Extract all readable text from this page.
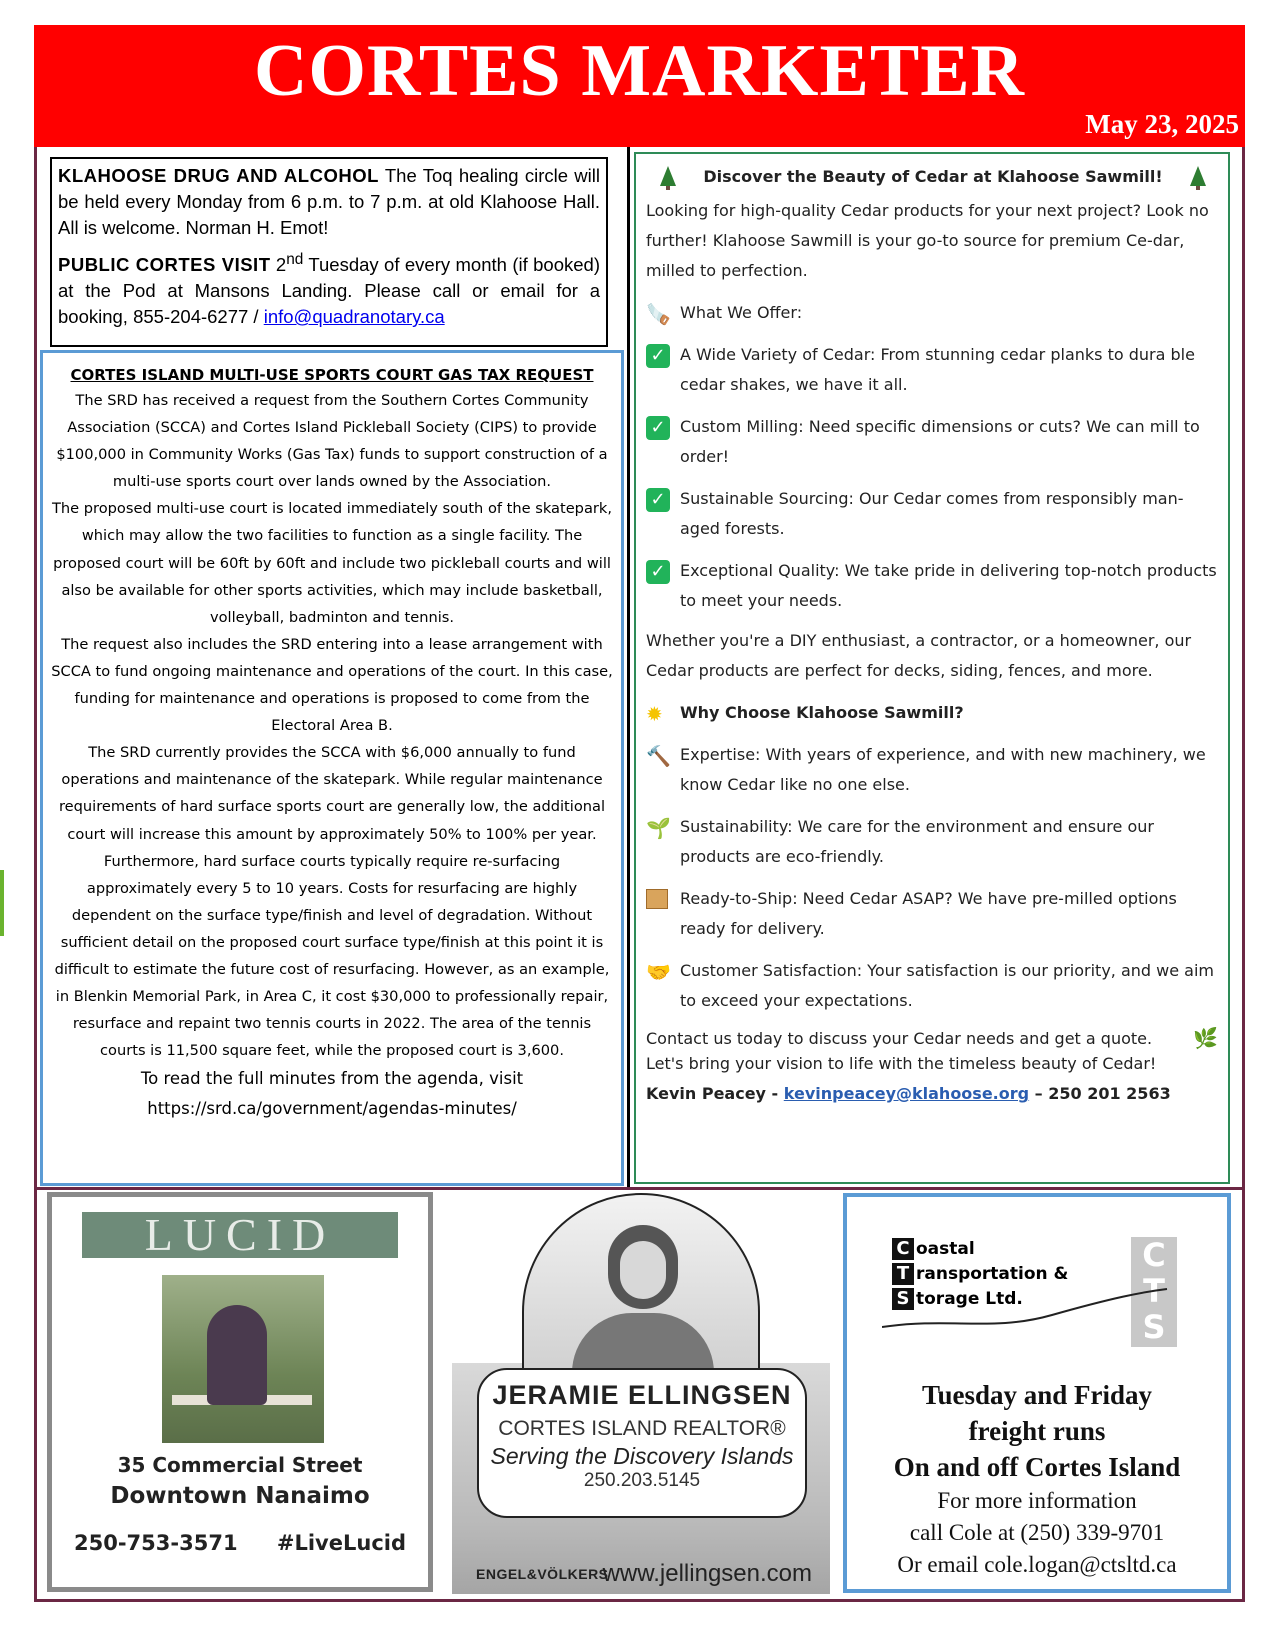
CORTES MARKETER
May 23, 2025

KLAHOOSE DRUG AND ALCOHOL The Toq healing circle will be held every Monday from 6 p.m. to 7 p.m. at old Klahoose Hall. All is welcome. Norman H. Emot!

PUBLIC CORTES VISIT 2nd Tuesday of every month (if booked) at the Pod at Mansons Landing. Please call or email for a booking, 855-204-6277 / info@quadranotary.ca

CORTES ISLAND MULTI-USE SPORTS COURT GAS TAX REQUEST

The SRD has received a request from the Southern Cortes Community Association (SCCA) and Cortes Island Pickleball Society (CIPS) to provide $100,000 in Community Works (Gas Tax) funds to support construction of a multi-use sports court over lands owned by the Association.

The proposed multi-use court is located immediately south of the skatepark, which may allow the two facilities to function as a single facility. The proposed court will be 60ft by 60ft and include two pickleball courts and will also be available for other sports activities, which may include basketball, volleyball, badminton and tennis.

The request also includes the SRD entering into a lease arrangement with SCCA to fund ongoing maintenance and operations of the court. In this case, funding for maintenance and operations is proposed to come from the Electoral Area B.

The SRD currently provides the SCCA with $6,000 annually to fund operations and maintenance of the skatepark. While regular maintenance requirements of hard surface sports court are generally low, the additional court will increase this amount by approximately 50% to 100% per year. Furthermore, hard surface courts typically require re-surfacing approximately every 5 to 10 years. Costs for resurfacing are highly dependent on the surface type/finish and level of degradation. Without sufficient detail on the proposed court surface type/finish at this point it is difficult to estimate the future cost of resurfacing. However, as an example, in Blenkin Memorial Park, in Area C, it cost $30,000 to professionally repair, resurface and repaint two tennis courts in 2022. The area of the tennis courts is 11,500 square feet, while the proposed court is 3,600.

To read the full minutes from the agenda, visit

https://srd.ca/government/agendas-minutes/

Discover the Beauty of Cedar at Klahoose Sawmill!

Looking for high-quality Cedar products for your next project? Look no further! Klahoose Sawmill is your go-to source for premium Ce-dar, milled to perfection.

🪚 What We Offer:
✓ A Wide Variety of Cedar: From stunning cedar planks to dura ble cedar shakes, we have it all.
✓ Custom Milling: Need specific dimensions or cuts? We can mill to order!
✓ Sustainable Sourcing: Our Cedar comes from responsibly man-aged forests.
✓ Exceptional Quality: We take pride in delivering top-notch products to meet your needs.

Whether you're a DIY enthusiast, a contractor, or a homeowner, our Cedar products are perfect for decks, siding, fences, and more.

✹	Why Choose Klahoose Sawmill?
🔨 Expertise: With years of experience, and with new machinery, we know Cedar like no one else.
🌱 Sustainability: We care for the environment and ensure our products are eco-friendly.
Ready-to-Ship: Need Cedar ASAP? We have pre-milled options ready for delivery.
🤝 Customer Satisfaction: Your satisfaction is our priority, and we aim to exceed your expectations.
Contact us today to discuss your Cedar needs and get a quote.
Let's bring your vision to life with the timeless beauty of Cedar!
🌿
Kevin Peacey - kevinpeacey@klahoose.org – 250 201 2563
LUCID
35 Commercial Street
Downtown Nanaimo
250-753-3571 #LiveLucid
JERAMIE ELLINGSEN
CORTES ISLAND REALTOR®
Serving the Discovery Islands
250.203.5145
ENGEL&VÖLKERS
www.jellingsen.com
C oastal
T ransportation &
S torage Ltd.
C
T
S
Tuesday and Friday
freight runs
On and off Cortes Island
For more information
call Cole at (250) 339-9701
Or email cole.logan@ctsltd.ca
